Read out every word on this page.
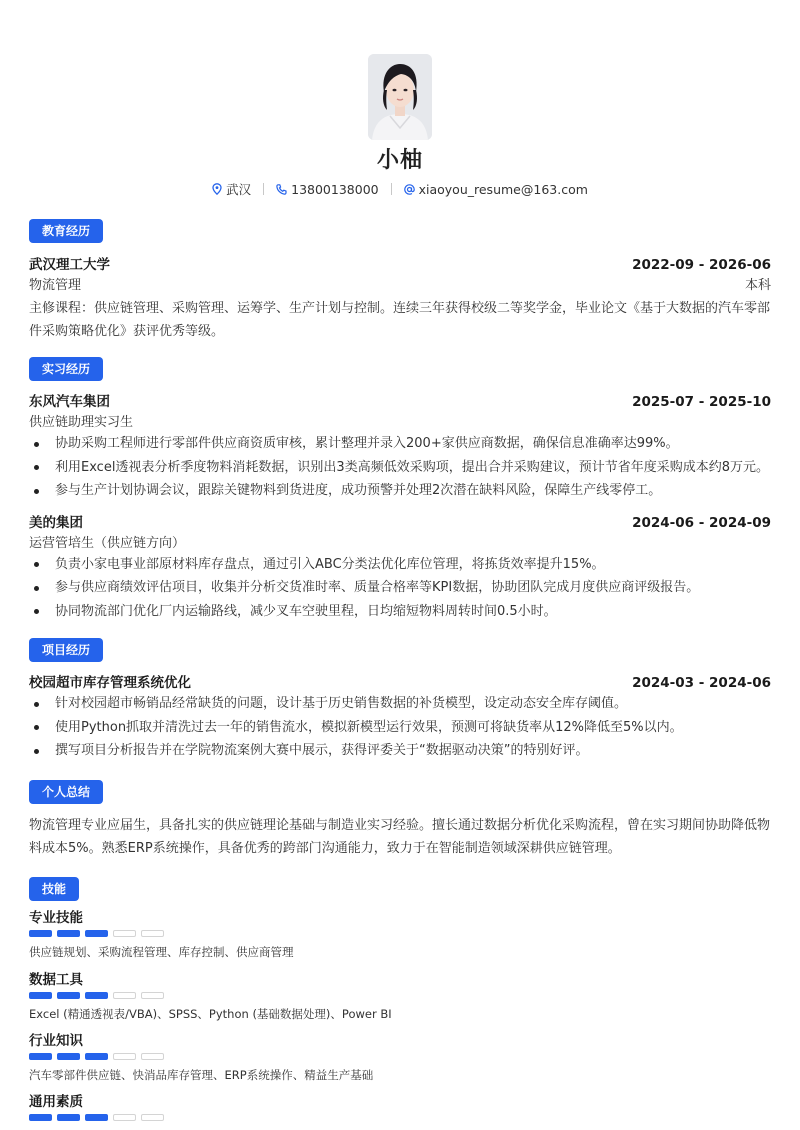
小柚
武汉	13800138000	xiaoyou_resume@163.com
教育经历
武汉理工大学	2022-09 - 2026-06
物流管理	本科
主修课程：供应链管理、采购管理、运筹学、生产计划与控制。连续三年获得校级二等奖学金，毕业论文《基于大数据的汽车零部件采购策略优化》获评优秀等级。
实习经历
东风汽车集团	2025-07 - 2025-10
供应链助理实习生
协助采购工程师进行零部件供应商资质审核，累计整理并录入200+家供应商数据，确保信息准确率达99%。
利用Excel透视表分析季度物料消耗数据，识别出3类高频低效采购项，提出合并采购建议，预计节省年度采购成本约8万元。
参与生产计划协调会议，跟踪关键物料到货进度，成功预警并处理2次潜在缺料风险，保障生产线零停工。
美的集团	2024-06 - 2024-09
运营管培生（供应链方向）
负责小家电事业部原材料库存盘点，通过引入ABC分类法优化库位管理，将拣货效率提升15%。
参与供应商绩效评估项目，收集并分析交货准时率、质量合格率等KPI数据，协助团队完成月度供应商评级报告。
协同物流部门优化厂内运输路线，减少叉车空驶里程，日均缩短物料周转时间0.5小时。
项目经历
校园超市库存管理系统优化	2024-03 - 2024-06
针对校园超市畅销品经常缺货的问题，设计基于历史销售数据的补货模型，设定动态安全库存阈值。
使用Python抓取并清洗过去一年的销售流水，模拟新模型运行效果，预测可将缺货率从12%降低至5%以内。
撰写项目分析报告并在学院物流案例大赛中展示，获得评委关于“数据驱动决策”的特别好评。
个人总结
物流管理专业应届生，具备扎实的供应链理论基础与制造业实习经验。擅长通过数据分析优化采购流程，曾在实习期间协助降低物料成本5%。熟悉ERP系统操作，具备优秀的跨部门沟通能力，致力于在智能制造领域深耕供应链管理。
技能
专业技能
供应链规划、采购流程管理、库存控制、供应商管理
数据工具
Excel (精通透视表/VBA)、SPSS、Python (基础数据处理)、Power BI
行业知识
汽车零部件供应链、快消品库存管理、ERP系统操作、精益生产基础
通用素质
